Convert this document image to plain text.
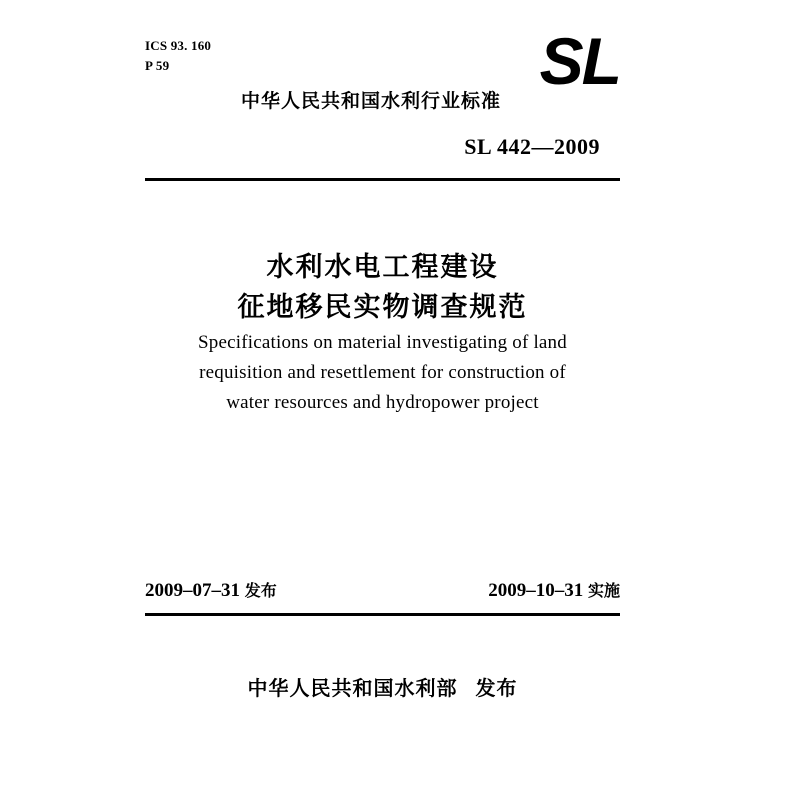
ICS 93. 160
P 59	SL
中华人民共和国水利行业标准
SL 442—2009
水利水电工程建设
征地移民实物调查规范
Specifications on material investigating of land
requisition and resettlement for construction of
water resources and hydropower project
2009–07–31 发布	2009–10–31 实施
中华人民共和国水利部 发布
